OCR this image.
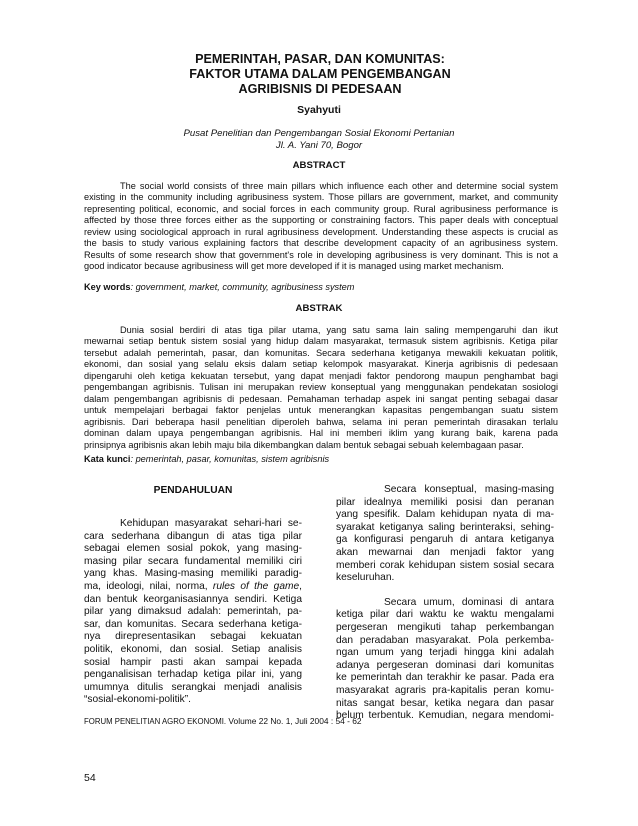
PEMERINTAH, PASAR, DAN KOMUNITAS:
FAKTOR UTAMA DALAM PENGEMBANGAN
AGRIBISNIS DI PEDESAAN
Syahyuti
Pusat Penelitian dan Pengembangan Sosial Ekonomi Pertanian
Jl. A. Yani 70, Bogor
ABSTRACT
The social world consists of three main pillars which influence each other and determine social system
existing in the community including agribusiness system. Those pillars are government, market, and community
representing political, economic, and social forces in each community group. Rural agribusiness performance is
affected by those three forces either as the supporting or constraining factors. This paper deals with conceptual
review using sociological approach in rural agribusiness development. Understanding these aspects is crucial as
the basis to study various explaining factors that describe development capacity of an agribusiness system.
Results of some research show that government's role in developing agribusiness is very dominant. This is not a
good indicator because agribusiness will get more developed if it is managed using market mechanism.
Key words: government, market, community, agribusiness system
ABSTRAK
Dunia sosial berdiri di atas tiga pilar utama, yang satu sama lain saling mempengaruhi dan ikut
mewarnai setiap bentuk sistem sosial yang hidup dalam masyarakat, termasuk sistem agribisnis. Ketiga pilar
tersebut adalah pemerintah, pasar, dan komunitas. Secara sederhana ketiganya mewakili kekuatan politik,
ekonomi, dan sosial yang selalu eksis dalam setiap kelompok masyarakat. Kinerja agribisnis di pedesaan
dipengaruhi oleh ketiga kekuatan tersebut, yang dapat menjadi faktor pendorong maupun penghambat bagi
pengembangan agribisnis. Tulisan ini merupakan review konseptual yang menggunakan pendekatan sosiologi
dalam pengembangan agribisnis di pedesaan. Pemahaman terhadap aspek ini sangat penting sebagai dasar
untuk mempelajari berbagai faktor penjelas untuk menerangkan kapasitas pengembangan suatu sistem
agribisnis. Dari beberapa hasil penelitian diperoleh bahwa, selama ini peran pemerintah dirasakan terlalu
dominan dalam upaya pengembangan agribisnis. Hal ini memberi iklim yang kurang baik, karena pada
prinsipnya agribisnis akan lebih maju bila dikembangkan dalam bentuk sebagai sebuah kelembagaan pasar.
Kata kunci: pemerintah, pasar, komunitas, sistem agribisnis
PENDAHULUAN
Kehidupan masyarakat sehari-hari se-
cara sederhana dibangun di atas tiga pilar
sebagai elemen sosial pokok, yang masing-
masing pilar secara fundamental memiliki ciri
yang khas. Masing-masing memiliki paradig-
ma, ideologi, nilai, norma, rules of the game,
dan bentuk keorganisasiannya sendiri. Ketiga
pilar yang dimaksud adalah: pemerintah, pa-
sar, dan komunitas. Secara sederhana ketiga-
nya direpresentasikan sebagai kekuatan
politik, ekonomi, dan sosial. Setiap analisis
sosial hampir pasti akan sampai kepada
penganalisisan terhadap ketiga pilar ini, yang
umumnya ditulis serangkai menjadi analisis
“sosial-ekonomi-politik”.
Secara konseptual, masing-masing
pilar idealnya memiliki posisi dan peranan
yang spesifik. Dalam kehidupan nyata di ma-
syarakat ketiganya saling berinteraksi, sehing-
ga konfigurasi pengaruh di antara ketiganya
akan mewarnai dan menjadi faktor yang
memberi corak kehidupan sistem sosial secara
keseluruhan.
Secara umum, dominasi di antara
ketiga pilar dari waktu ke waktu mengalami
pergeseran mengikuti tahap perkembangan
dan peradaban masyarakat. Pola perkemba-
ngan umum yang terjadi hingga kini adalah
adanya pergeseran dominasi dari komunitas
ke pemerintah dan terakhir ke pasar. Pada era
masyarakat agraris pra-kapitalis peran komu-
nitas sangat besar, ketika negara dan pasar
belum terbentuk. Kemudian, negara mendomi-
FORUM PENELITIAN AGRO EKONOMI. Volume 22 No. 1, Juli 2004 : 54 - 62
54
